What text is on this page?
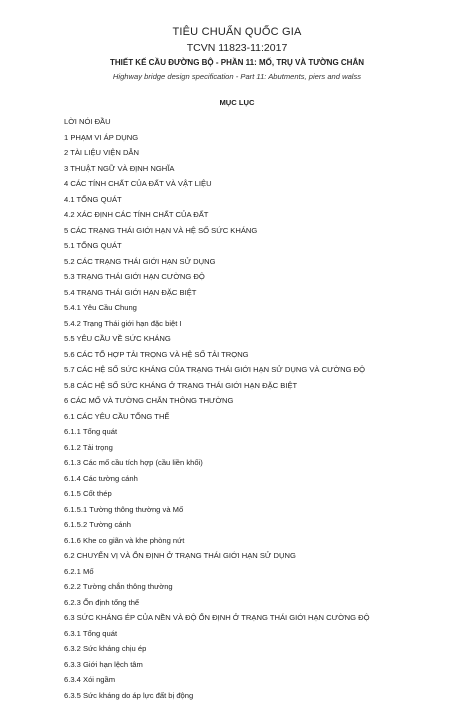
TIÊU CHUẨN QUỐC GIA
TCVN 11823-11:2017
THIẾT KẾ CẦU ĐƯỜNG BỘ - PHẦN 11: MỐ, TRỤ VÀ TƯỜNG CHẮN
Highway bridge design specification - Part 11: Abutments, piers and walss
MỤC LỤC
LỜI NÓI ĐẦU
1 PHẠM VI ÁP DỤNG
2 TÀI LIỆU VIỆN DẪN
3 THUẬT NGỮ VÀ ĐỊNH NGHĨA
4 CÁC TÍNH CHẤT CỦA ĐẤT VÀ VẬT LIỆU
4.1 TỔNG QUÁT
4.2 XÁC ĐỊNH CÁC TÍNH CHẤT CỦA ĐẤT
5 CÁC TRẠNG THÁI GIỚI HẠN VÀ HỆ SỐ SỨC KHÁNG
5.1 TỔNG QUÁT
5.2 CÁC TRẠNG THÁI GIỚI HẠN SỬ DỤNG
5.3 TRẠNG THÁI GIỚI HẠN CƯỜNG ĐỘ
5.4 TRẠNG THÁI GIỚI HẠN ĐẶC BIỆT
5.4.1 Yêu Cầu Chung
5.4.2 Trạng Thái giới hạn đặc biệt I
5.5 YÊU CẦU VỀ SỨC KHÁNG
5.6 CÁC TỔ HỢP TẢI TRỌNG VÀ HỆ SỐ TẢI TRỌNG
5.7 CÁC HỆ SỐ SỨC KHÁNG CỦA TRẠNG THÁI GIỚI HẠN SỬ DỤNG VÀ CƯỜNG ĐỘ
5.8 CÁC HỆ SỐ SỨC KHÁNG Ở TRẠNG THÁI GIỚI HẠN ĐẶC BIỆT
6 CÁC MỐ VÀ TƯỜNG CHẮN THÔNG THƯỜNG
6.1 CÁC YÊU CẦU TỔNG THỂ
6.1.1 Tổng quát
6.1.2 Tải trọng
6.1.3 Các mố cầu tích hợp (cầu liền khối)
6.1.4 Các tường cánh
6.1.5 Cốt thép
6.1.5.1 Tường thông thường và Mố
6.1.5.2 Tường cánh
6.1.6 Khe co giãn và khe phòng nứt
6.2 CHUYỂN VỊ VÀ ỔN ĐỊNH Ở TRẠNG THÁI GIỚI HẠN SỬ DỤNG
6.2.1 Mố
6.2.2 Tường chắn thông thường
6.2.3 Ổn định tổng thể
6.3 SỨC KHÁNG ÉP CỦA NỀN VÀ ĐỘ ỔN ĐỊNH Ở TRẠNG THÁI GIỚI HẠN CƯỜNG ĐỘ
6.3.1 Tổng quát
6.3.2 Sức kháng chịu ép
6.3.3 Giới hạn lệch tâm
6.3.4 Xói ngầm
6.3.5 Sức kháng do áp lực đất bị động
